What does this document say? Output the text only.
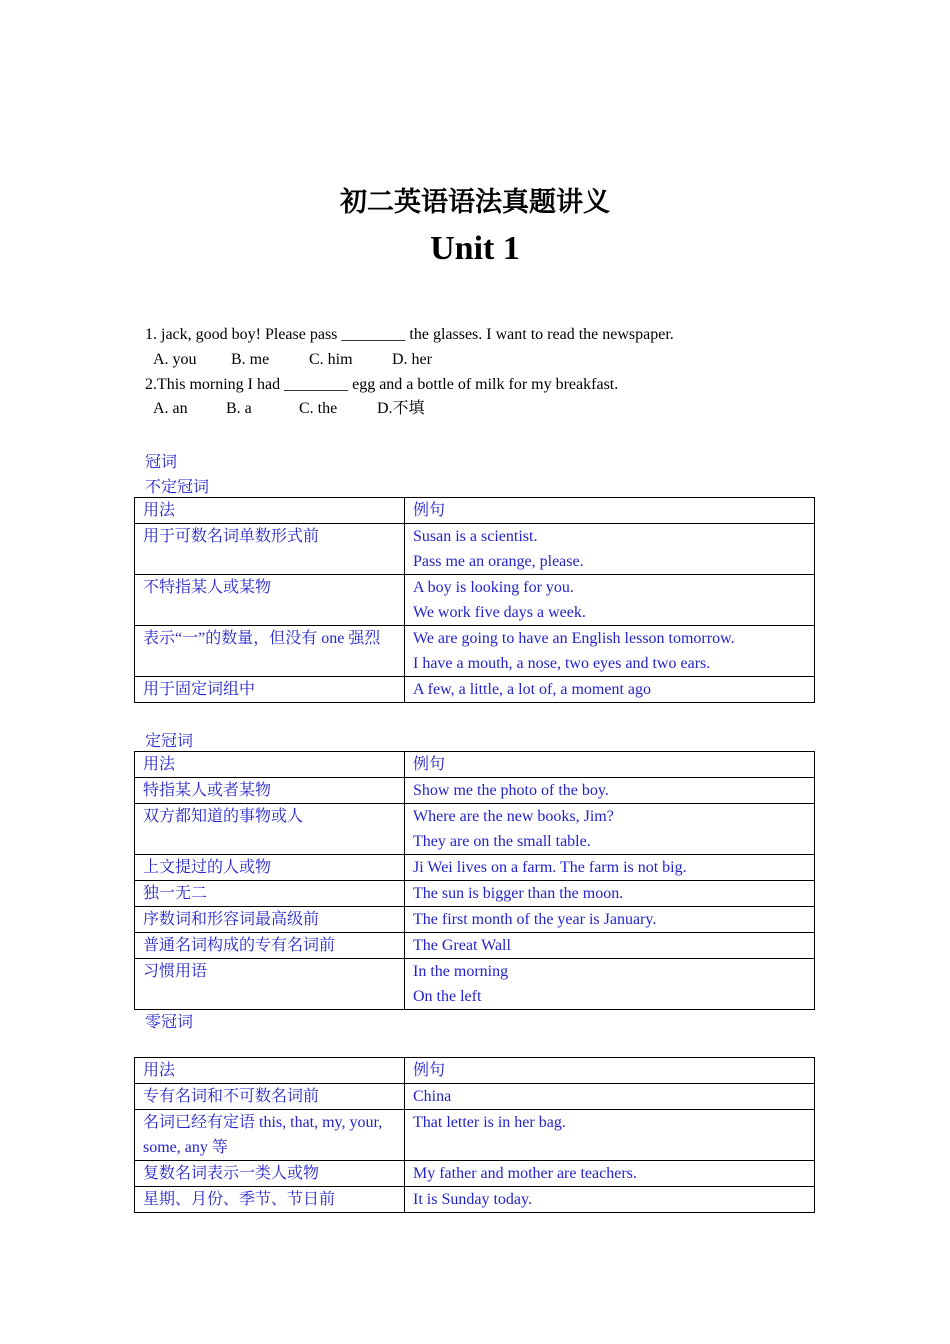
初二英语语法真题讲义
Unit 1
1. jack, good boy! Please pass ________ the glasses. I want to read the newspaper.
A. you B. me C. him D. her
2.This morning I had ________ egg and a bottle of milk for my breakfast.
A. an B. a	C. the D.不填
冠词
不定冠词
用法	例句
用于可数名词单数形式前	Susan is a scientist.
Pass me an orange, please.

不特指某人或某物	A boy is looking for you.
We work five days a week.

表示“一”的数量，但没有 one 强烈	We are going to have an English lesson tomorrow.
I have a mouth, a nose, two eyes and two ears.

用于固定词组中	A few, a little, a lot of, a moment ago
定冠词
用法	例句
特指某人或者某物	Show me the photo of the boy.

双方都知道的事物或人	Where are the new books, Jim?
They are on the small table.

上文提过的人或物	Ji Wei lives on a farm. The farm is not big.

独一无二	The sun is bigger than the moon.

序数词和形容词最高级前	The first month of the year is January.

普通名词构成的专有名词前	The Great Wall

习惯用语	In the morning
On the left
零冠词
用法	例句
专有名词和不可数名词前	China

名词已经有定语 this, that, my, your, some, any 等	That letter is in her bag.

复数名词表示一类人或物	My father and mother are teachers.

星期、月份、季节、节日前	It is Sunday today.
